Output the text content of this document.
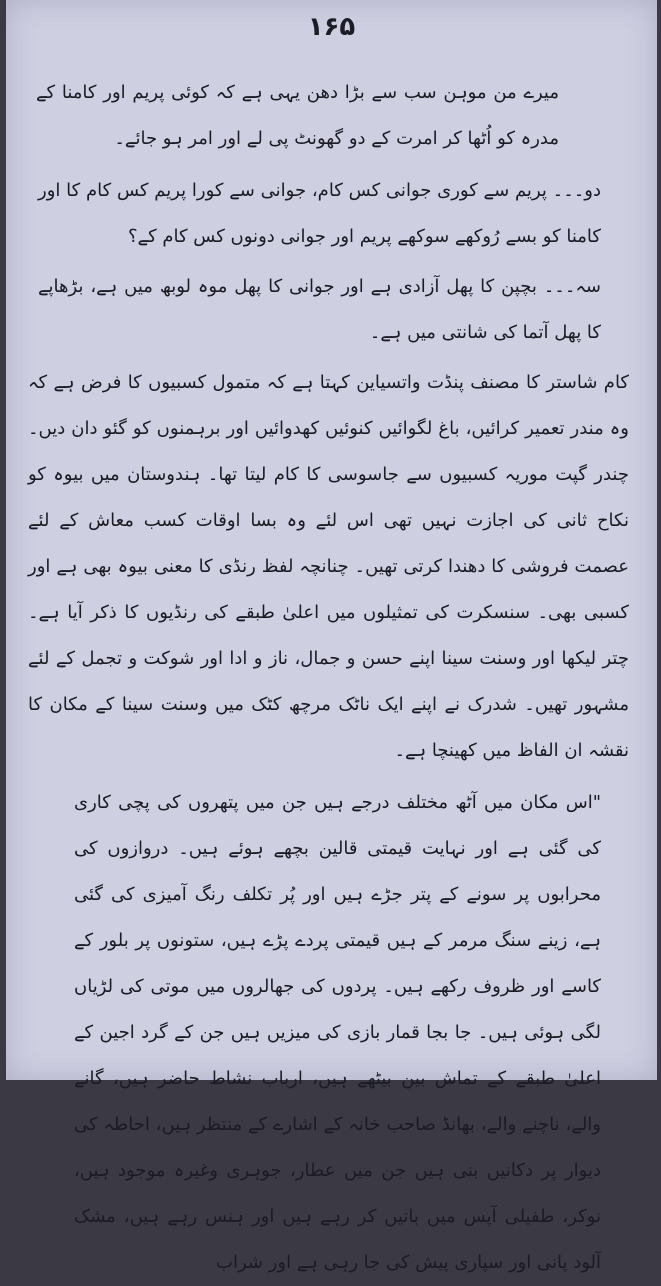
۱۶۵

میرے من موہن سب سے بڑا دھن یہی ہے کہ کوئی پریم اور کامنا کے مدرہ کو اُٹھا کر امرت کے دو گھونٹ پی لے اور امر ہو جائے۔

دو۔۔۔ پریم سے کوری جوانی کس کام، جوانی سے کورا پریم کس کام کا اور کامنا کو بسے رُوکھے سوکھے پریم اور جوانی دونوں کس کام کے؟

سہ۔۔۔ بچپن کا پھل آزادی ہے اور جوانی کا پھل موہ لوبھ میں ہے، بڑھاپے کا پھل آتما کی شانتی میں ہے۔

کام شاستر کا مصنف پنڈت واتسیاین کہتا ہے کہ متمول کسبیوں کا فرض ہے کہ وہ مندر تعمیر کرائیں، باغ لگوائیں کنوئیں کھدوائیں اور برہمنوں کو گئو دان دیں۔ چندر گپت موریہ کسبیوں سے جاسوسی کا کام لیتا تھا۔ ہندوستان میں بیوہ کو نکاح ثانی کی اجازت نہیں تھی اس لئے وہ بسا اوقات کسب معاش کے لئے عصمت فروشی کا دھندا کرتی تھیں۔ چنانچہ لفظ رنڈی کا معنی بیوہ بھی ہے اور کسبی بھی۔ سنسکرت کی تمثیلوں میں اعلیٰ طبقے کی رنڈیوں کا ذکر آیا ہے۔ چتر لیکھا اور وسنت سینا اپنے حسن و جمال، ناز و ادا اور شوکت و تجمل کے لئے مشہور تھیں۔ شدرک نے اپنے ایک ناٹک مرچھ کٹک میں وسنت سینا کے مکان کا نقشہ ان الفاظ میں کھینچا ہے۔

"اس مکان میں آٹھ مختلف درجے ہیں جن میں پتھروں کی پچی کاری کی گئی ہے اور نہایت قیمتی قالین بچھے ہوئے ہیں۔ دروازوں کی محرابوں پر سونے کے پتر جڑے ہیں اور پُر تکلف رنگ آمیزی کی گئی ہے، زینے سنگ مرمر کے ہیں قیمتی پردے پڑے ہیں، ستونوں پر بلور کے کاسے اور ظروف رکھے ہیں۔ پردوں کی جھالروں میں موتی کی لڑیاں لگی ہوئی ہیں۔ جا بجا قمار بازی کی میزیں ہیں جن کے گرد اجین کے اعلیٰ طبقے کے تماش بین بیٹھے ہیں، ارباب نشاط حاضر ہیں، گانے والے، ناچنے والے، بھانڈ صاحب خانہ کے اشارے کے منتظر ہیں، احاطہ کی دیوار پر دکانیں بنی ہیں جن میں عطار، جوہری وغیرہ موجود ہیں، نوکر، طفیلی آپس میں باتیں کر رہے ہیں اور ہنس رہے ہیں، مشک آلود پانی اور سپاری پیش کی جا رہی ہے اور شراب
